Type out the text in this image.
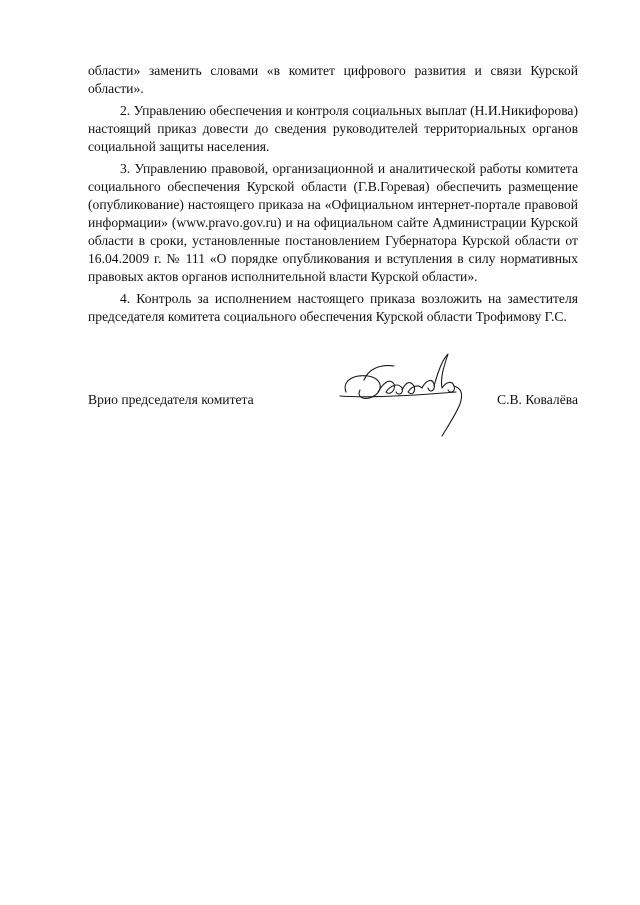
области» заменить словами «в комитет цифрового развития и связи Курской области».

2. Управлению обеспечения и контроля социальных выплат (Н.И.Никифорова) настоящий приказ довести до сведения руководителей территориальных органов социальной защиты населения.

3. Управлению правовой, организационной и аналитической работы комитета социального обеспечения Курской области (Г.В.Горевая) обеспечить размещение (опубликование) настоящего приказа на «Официальном интернет-портале правовой информации» (www.pravo.gov.ru) и на официальном сайте Администрации Курской области в сроки, установленные постановлением Губернатора Курской области от 16.04.2009 г. № 111 «О порядке опубликования и вступления в силу нормативных правовых актов органов исполнительной власти Курской области».

4. Контроль за исполнением настоящего приказа возложить на заместителя председателя комитета социального обеспечения Курской области Трофимову Г.С.

Врио председателя комитета	С.В. Ковалёва
